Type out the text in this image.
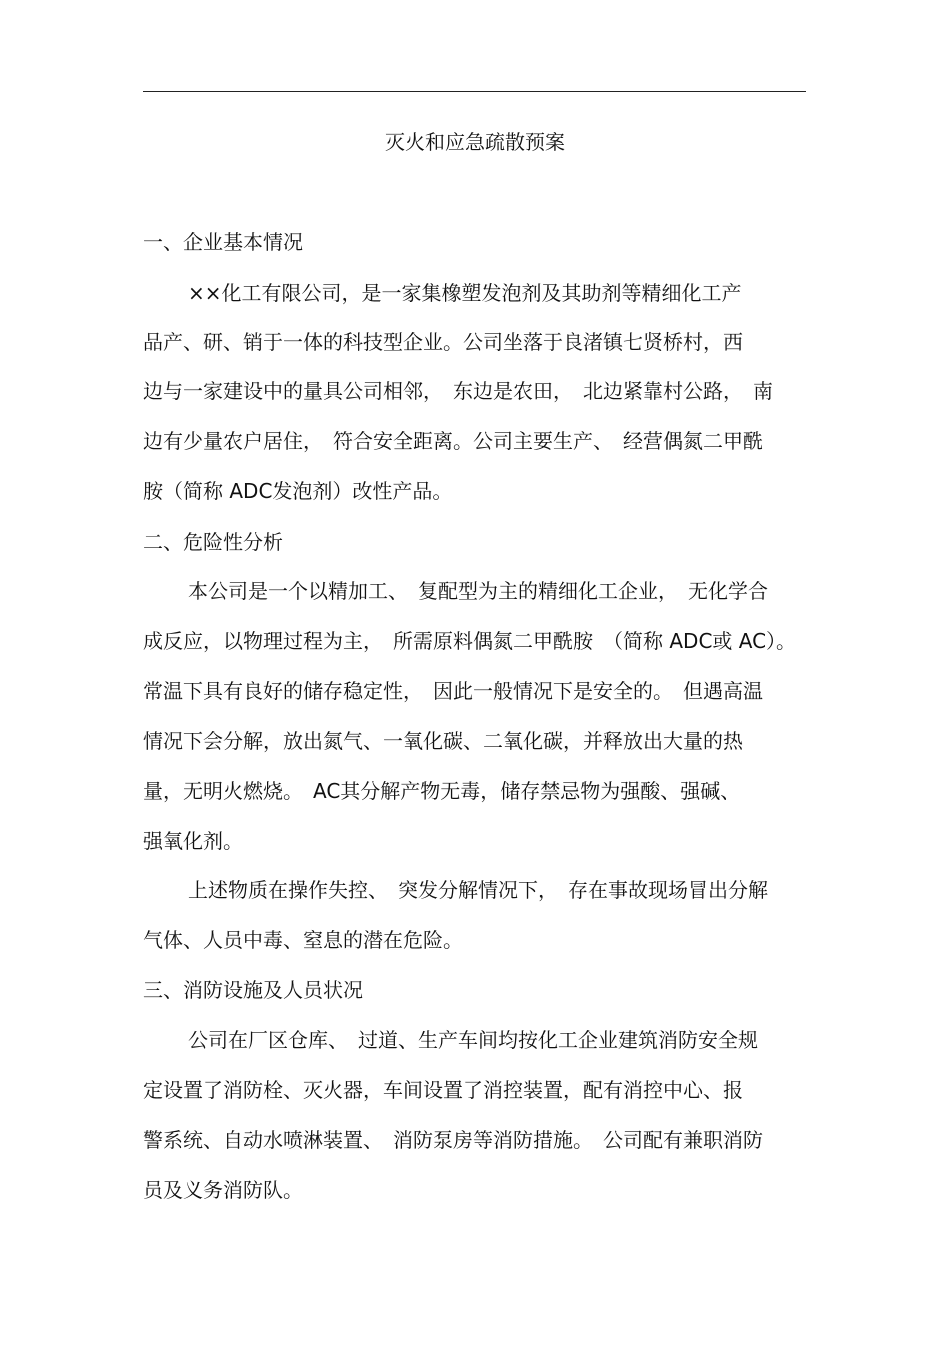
灭火和应急疏散预案
一、企业基本情况
××化工有限公司，是一家集橡塑发泡剂及其助剂等精细化工产
品产、研、销于一体的科技型企业。公司坐落于良渚镇七贤桥村，西
边与一家建设中的量具公司相邻，　东边是农田，　北边紧靠村公路，　南
边有少量农户居住，　符合安全距离。公司主要生产、　经营偶氮二甲酰
胺（简称 ADC发泡剂）改性产品。
二、危险性分析
本公司是一个以精加工、　复配型为主的精细化工企业，　无化学合
成反应，以物理过程为主，　所需原料偶氮二甲酰胺　（简称 ADC或 AC）。
常温下具有良好的储存稳定性，　因此一般情况下是安全的。　但遇高温
情况下会分解，放出氮气、一氧化碳、二氧化碳，并释放出大量的热
量，无明火燃烧。　AC其分解产物无毒，储存禁忌物为强酸、强碱、
强氧化剂。
上述物质在操作失控、　突发分解情况下，　存在事故现场冒出分解
气体、人员中毒、窒息的潜在危险。
三、消防设施及人员状况
公司在厂区仓库、　过道、生产车间均按化工企业建筑消防安全规
定设置了消防栓、灭火器，车间设置了消控装置，配有消控中心、报
警系统、自动水喷淋装置、　消防泵房等消防措施。　公司配有兼职消防
员及义务消防队。
